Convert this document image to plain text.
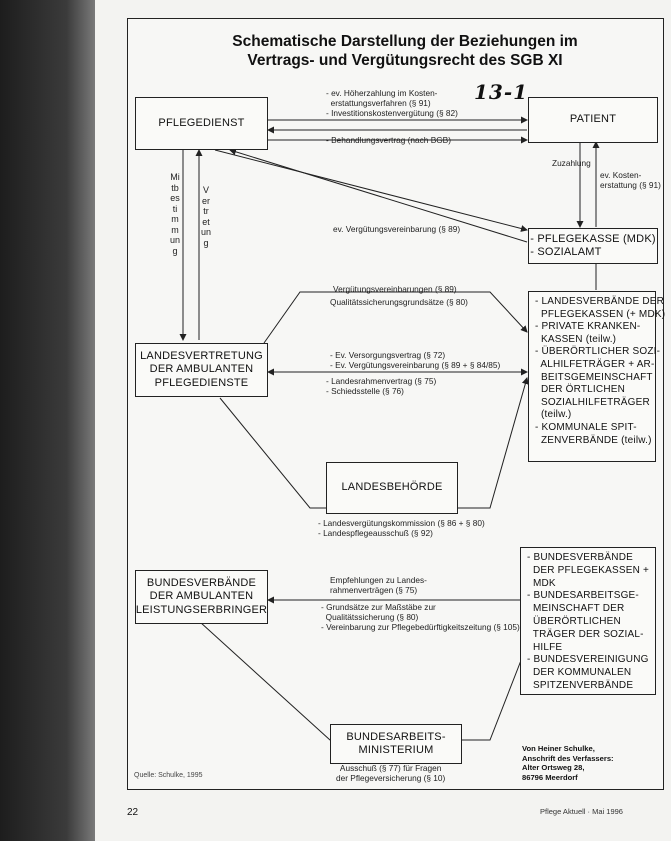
Schematische Darstellung der Beziehungen im
Vertrags- und Vergütungsrecht des SGB XI
13-1
PFLEGEDIENST	PATIENT
- PFLEGEKASSE (MDK)
- SOZIALAMT
LANDESVERTRETUNG
DER AMBULANTEN
PFLEGEDIENSTE
- LANDESVERBÄNDE DER
PFLEGEKASSEN (+ MDK)
- PRIVATE KRANKEN-
KASSEN (teilw.)
- ÜBERÖRTLICHER SOZI-
ALHILFETRÄGER + AR-
BEITSGEMEINSCHAFT
DER ÖRTLICHEN
SOZIALHILFETRÄGER
(teilw.)
- KOMMUNALE SPIT-
ZENVERBÄNDE (teilw.)
LANDESBEHÖRDE
BUNDESVERBÄNDE
DER AMBULANTEN
LEISTUNGSERBRINGER
- BUNDESVERBÄNDE
DER PFLEGEKASSEN +
MDK
- BUNDESARBEITSGE-
MEINSCHAFT DER
ÜBERÖRTLICHEN
TRÄGER DER SOZIAL-
HILFE
- BUNDESVEREINIGUNG
DER KOMMUNALEN
SPITZENVERBÄNDE
BUNDESARBEITS-
MINISTERIUM
- ev. Höherzahlung im Kosten-
erstattungsverfahren (§ 91)
- Investitionskostenvergütung (§ 82)
- Behandlungsvertrag (nach BGB)
Zuzahlung
ev. Kosten-
erstattung (§ 91)
ev. Vergütungsvereinbarung (§ 89)
Mitbestimmung
Vertretung
Vergütungsvereinbarungen (§ 89)
Qualitätssicherungsgrundsätze (§ 80)
- Ev. Versorgungsvertrag (§ 72)
- Ev. Vergütungsvereinbarung (§ 89 + § 84/85)
- Landesrahmenvertrag (§ 75)
- Schiedsstelle (§ 76)
- Landesvergütungskommission (§ 86 + § 80)
- Landespflegeausschuß (§ 92)
Empfehlungen zu Landes-
rahmenverträgen (§ 75)
- Grundsätze zur Maßstäbe zur
Qualitätssicherung (§ 80)
- Vereinbarung zur Pflegebedürftigkeitszeitung (§ 105)
Ausschuß (§ 77) für Fragen
der Pflegeversicherung (§ 10)
Von Heiner Schulke,
Anschrift des Verfassers:
Alter Ortsweg 28,
86796 Meerdorf
Quelle: Schulke, 1995
22	Pflege Aktuell · Mai 1996
